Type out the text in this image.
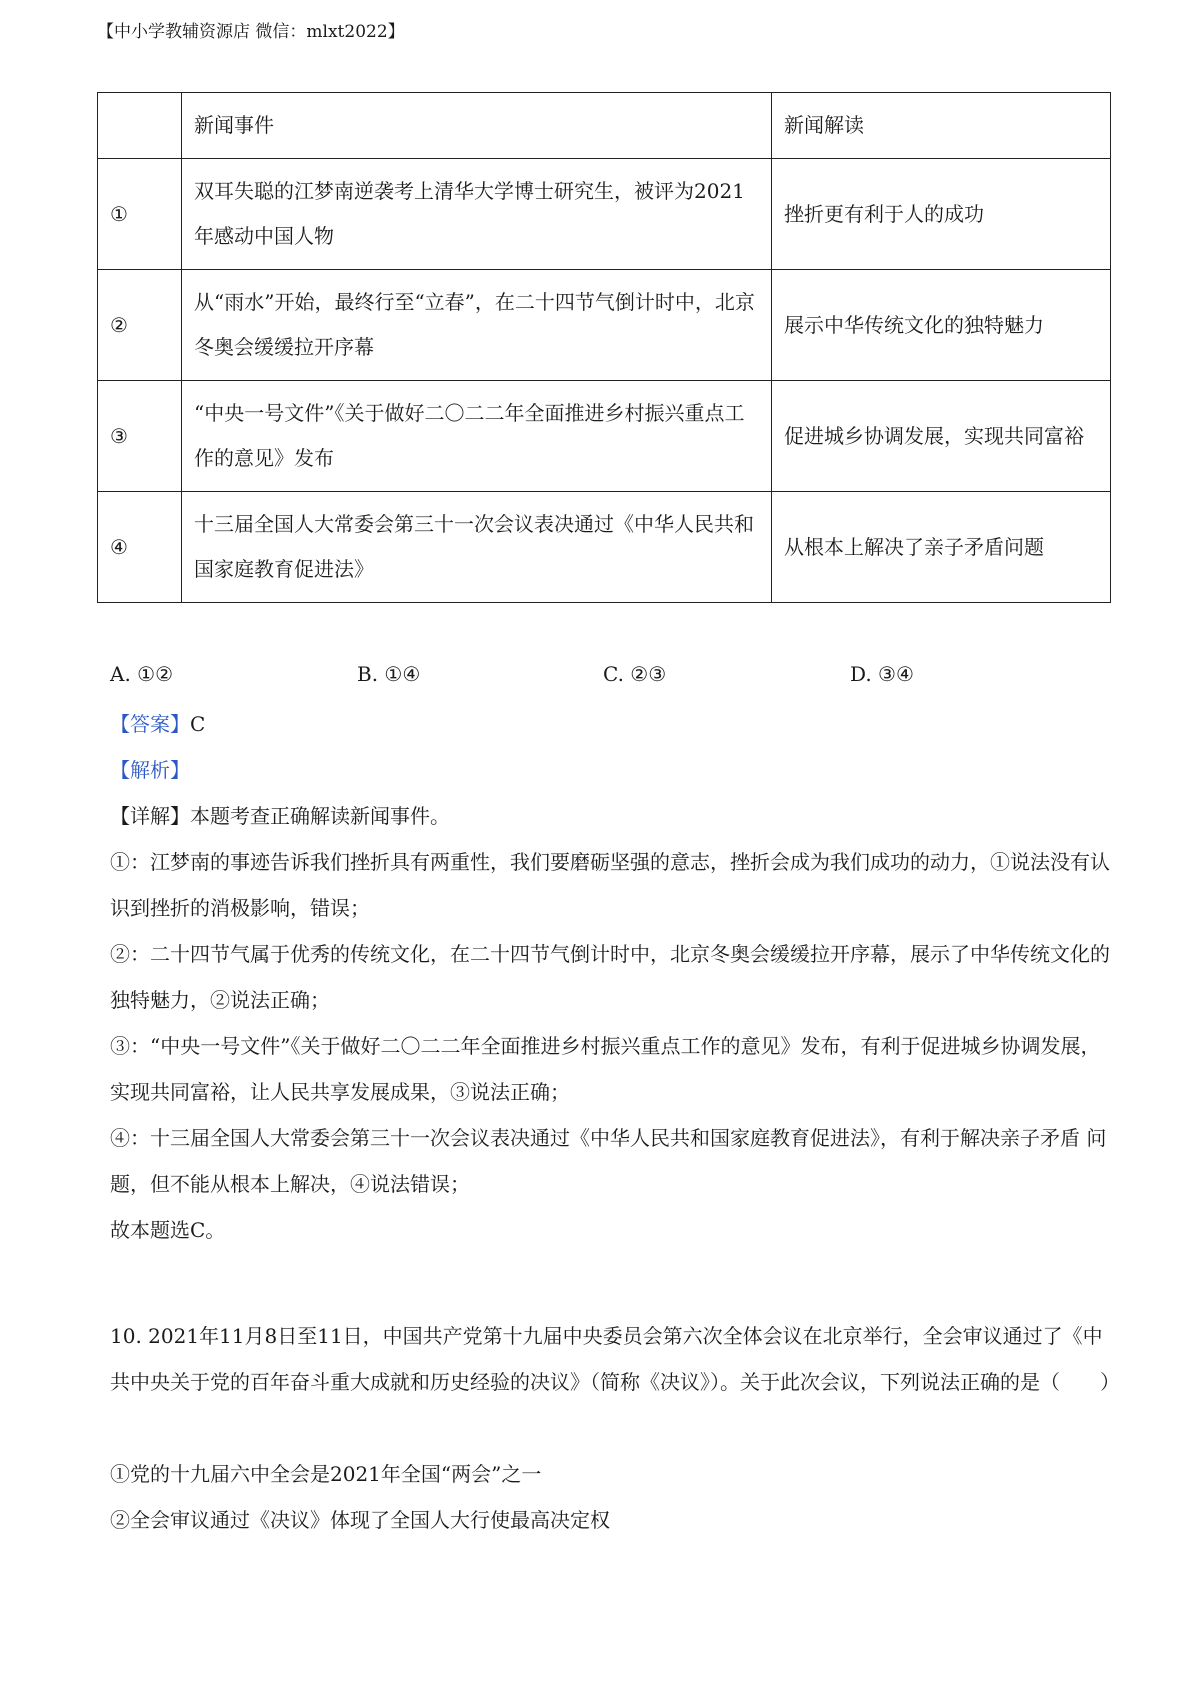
【中小学教辅资源店 微信：mlxt2022】
	新闻事件	新闻解读
①	双耳失聪的江梦南逆袭考上清华大学博士研究生，被评为2021年感动中国人物	挫折更有利于人的成功
②	从“雨水”开始，最终行至“立春”，在二十四节气倒计时中，北京冬奥会缓缓拉开序幕	展示中华传统文化的独特魅力
③	“中央一号文件”《关于做好二〇二二年全面推进乡村振兴重点工作的意见》发布	促进城乡协调发展，实现共同富裕
④	十三届全国人大常委会第三十一次会议表决通过《中华人民共和国家庭教育促进法》	从根本上解决了亲子矛盾问题
A. ①②	B. ①④	C. ②③	D. ③④
【答案】C
【解析】
【详解】本题考查正确解读新闻事件。
①：江梦南的事迹告诉我们挫折具有两重性，我们要磨砺坚强的意志，挫折会成为我们成功的动力，①说法没有认识到挫折的消极影响，错误；
②：二十四节气属于优秀的传统文化，在二十四节气倒计时中，北京冬奥会缓缓拉开序幕，展示了中华传统文化的独特魅力，②说法正确；
③：“中央一号文件”《关于做好二〇二二年全面推进乡村振兴重点工作的意见》发布，有利于促进城乡协调发展，实现共同富裕，让人民共享发展成果，③说法正确；
④：十三届全国人大常委会第三十一次会议表决通过《中华人民共和国家庭教育促进法》，有利于解决亲子矛盾 问题，但不能从根本上解决，④说法错误；
故本题选C。
10. 2021年11月8日至11日，中国共产党第十九届中央委员会第六次全体会议在北京举行，全会审议通过了《中共中央关于党的百年奋斗重大成就和历史经验的决议》（简称《决议》）。关于此次会议，下列说法正确的是（　　）
①党的十九届六中全会是2021年全国“两会”之一
②全会审议通过《决议》体现了全国人大行使最高决定权
